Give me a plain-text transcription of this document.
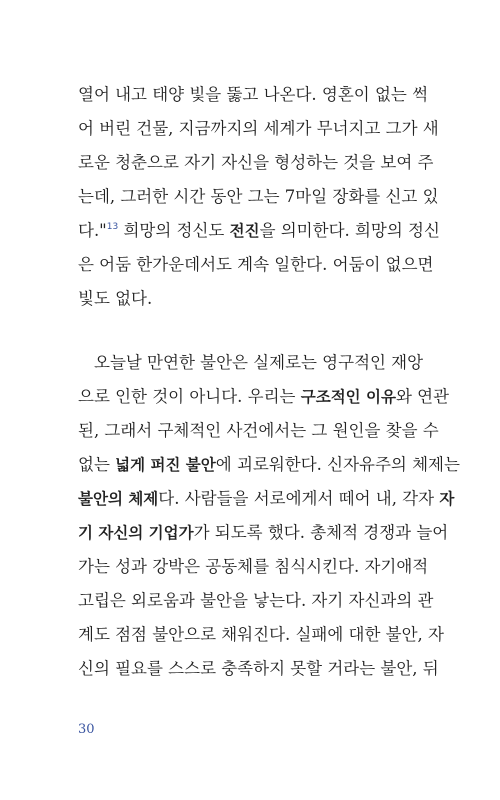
열어 내고 태양 빛을 뚫고 나온다. 영혼이 없는 썩
어 버린 건물, 지금까지의 세계가 무너지고 그가 새
로운 청춘으로 자기 자신을 형성하는 것을 보여 주
는데, 그러한 시간 동안 그는 7마일 장화를 신고 있
다."$^{13}$ 희망의 정신도 전진을 의미한다. 희망의 정신
은 어둠 한가운데서도 계속 일한다. 어둠이 없으면
빛도 없다.
오늘날 만연한 불안은 실제로는 영구적인 재앙
으로 인한 것이 아니다. 우리는 구조적인 이유와 연관
된, 그래서 구체적인 사건에서는 그 원인을 찾을 수
없는 넓게 퍼진 불안에 괴로워한다. 신자유주의 체제는
불안의 체제다. 사람들을 서로에게서 떼어 내, 각자 자
기 자신의 기업가가 되도록 했다. 총체적 경쟁과 늘어
가는 성과 강박은 공동체를 침식시킨다. 자기애적
고립은 외로움과 불안을 낳는다. 자기 자신과의 관
계도 점점 불안으로 채워진다. 실패에 대한 불안, 자
신의 필요를 스스로 충족하지 못할 거라는 불안, 뒤
30
